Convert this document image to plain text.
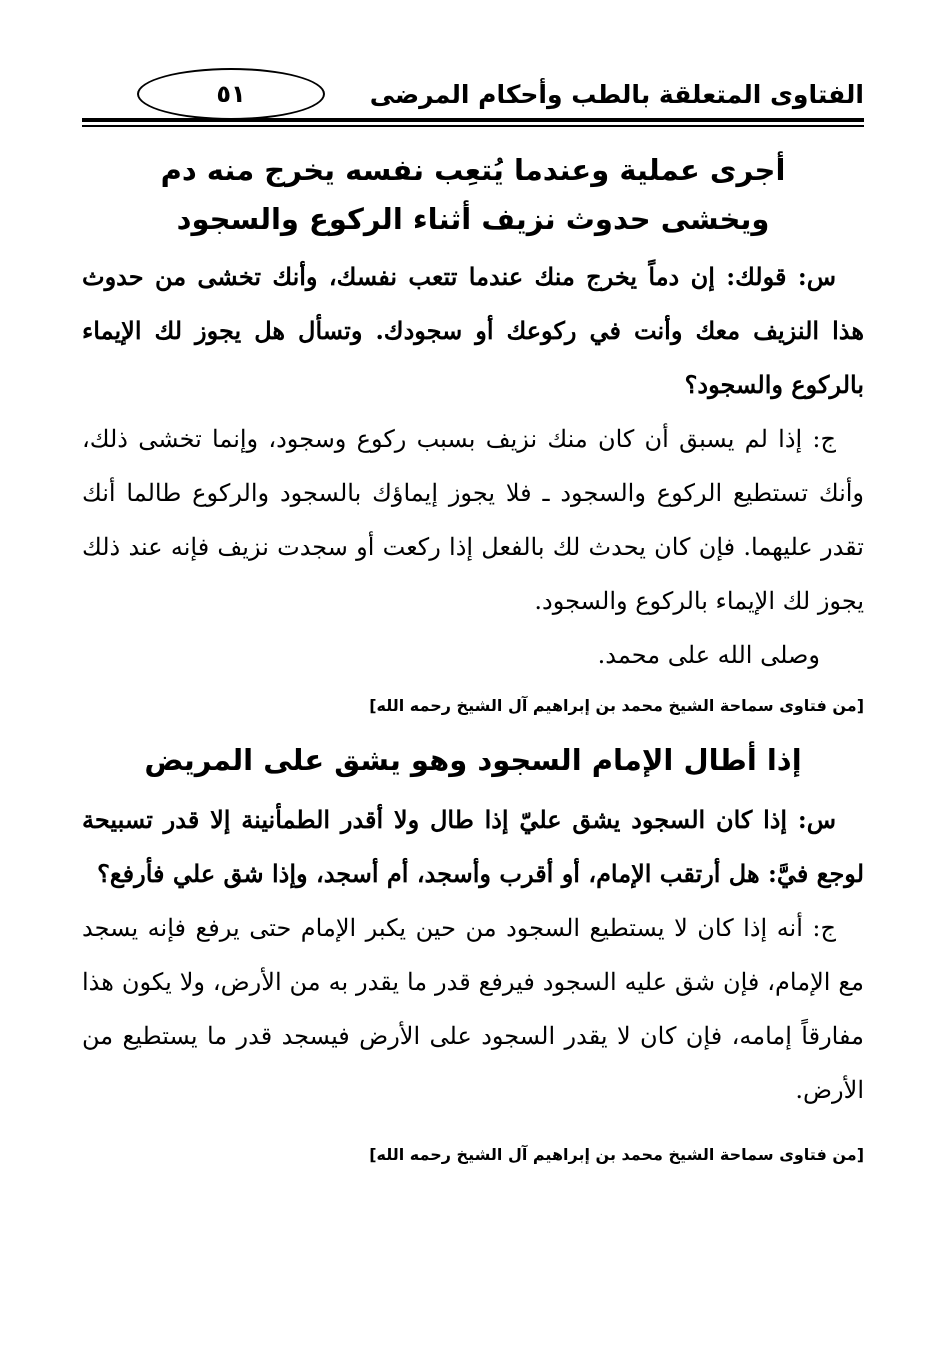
الفتاوى المتعلقة بالطب وأحكام المرضى
٥١
أجرى عملية وعندما يُتعِب نفسه يخرج منه دم
ويخشى حدوث نزيف أثناء الركوع والسجود

س: قولك: إن دماً يخرج منك عندما تتعب نفسك، وأنك تخشى من حدوث هذا النزيف معك وأنت في ركوعك أو سجودك. وتسأل هل يجوز لك الإيماء بالركوع والسجود؟

ج: إذا لم يسبق أن كان منك نزيف بسبب ركوع وسجود، وإنما تخشى ذلك، وأنك تستطيع الركوع والسجود ـ فلا يجوز إيماؤك بالسجود والركوع طالما أنك تقدر عليهما. فإن كان يحدث لك بالفعل إذا ركعت أو سجدت نزيف فإنه عند ذلك يجوز لك الإيماء بالركوع والسجود.

وصلى الله على محمد.

[من فتاوى سماحة الشيخ محمد بن إبراهيم آل الشيخ رحمه الله]
إذا أطال الإمام السجود وهو يشق على المريض

س: إذا كان السجود يشق عليّ إذا طال ولا أقدر الطمأنينة إلا قدر تسبيحة لوجع فيَّ: هل أرتقب الإمام، أو أقرب وأسجد، أم أسجد، وإذا شق علي فأرفع؟

ج: أنه إذا كان لا يستطيع السجود من حين يكبر الإمام حتى يرفع فإنه يسجد مع الإمام، فإن شق عليه السجود فيرفع قدر ما يقدر به من الأرض، ولا يكون هذا مفارقاً إمامه، فإن كان لا يقدر السجود على الأرض فيسجد قدر ما يستطيع من الأرض.

[من فتاوى سماحة الشيخ محمد بن إبراهيم آل الشيخ رحمه الله]
